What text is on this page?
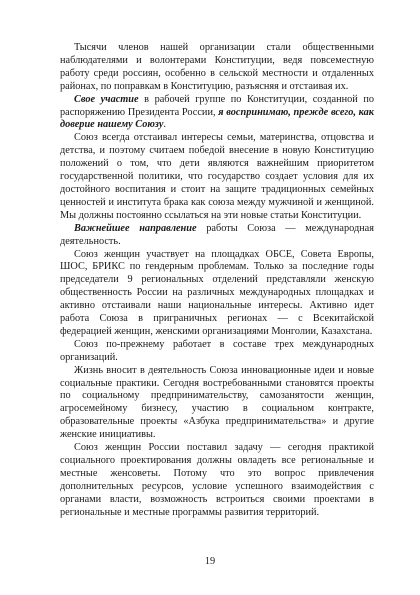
Тысячи членов нашей организации стали общественными наблюдателями и волонтерами Конституции, ведя повсеместную работу среди россиян, особенно в сельской местности и отдаленных районах, по поправкам в Конституцию, разъясняя и отстаивая их.

Свое участие в рабочей группе по Конституции, созданной по распоряжению Президента России, я воспринимаю, прежде всего, как доверие нашему Союзу.

Союз всегда отстаивал интересы семьи, материнства, отцовства и детства, и поэтому считаем победой внесение в новую Конституцию положений о том, что дети являются важнейшим приоритетом государственной политики, что государство создает условия для их достойного воспитания и стоит на защите традиционных семейных ценностей и института брака как союза между мужчиной и женщиной. Мы должны постоянно ссылаться на эти новые статьи Конституции.

Важнейшее направление работы Союза — международная деятельность.

Союз женщин участвует на площадках ОБСЕ, Совета Европы, ШОС, БРИКС по гендерным проблемам. Только за последние годы председатели 9 региональных отделений представляли женскую общественность России на различных международных площадках и активно отстаивали наши национальные интересы. Активно идет работа Союза в приграничных регионах — с Всекитайской федерацией женщин, женскими организациями Монголии, Казахстана.

Союз по-прежнему работает в составе трех международных организаций.

Жизнь вносит в деятельность Союза инновационные идеи и новые социальные практики. Сегодня востребованными становятся проекты по социальному предпринимательству, самозанятости женщин, агросемейному бизнесу, участию в социальном контракте, образовательные проекты «Азбука предпринимательства» и другие женские инициативы.

Союз женщин России поставил задачу — сегодня практикой социального проектирования должны овладеть все региональные и местные женсоветы. Потому что это вопрос привлечения дополнительных ресурсов, условие успешного взаимодействия с органами власти, возможность встроиться своими проектами в региональные и местные программы развития территорий.

19
